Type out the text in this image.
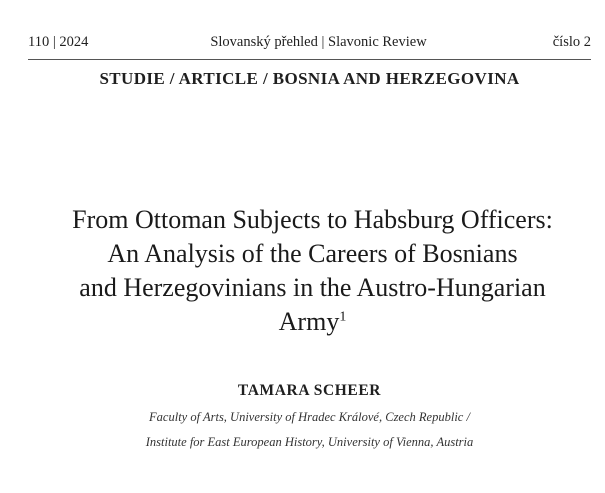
110 | 2024	Slovanský přehled | Slavonic Review	číslo 2
STUDIE / ARTICLE / BOSNIA AND HERZEGOVINA
From Ottoman Subjects to Habsburg Officers:
An Analysis of the Careers of Bosnians
and Herzegovinians in the Austro-Hungarian
Army$^1$
TAMARA SCHEER
Faculty of Arts, University of Hradec Králové, Czech Republic /
Institute for East European History, University of Vienna, Austria
